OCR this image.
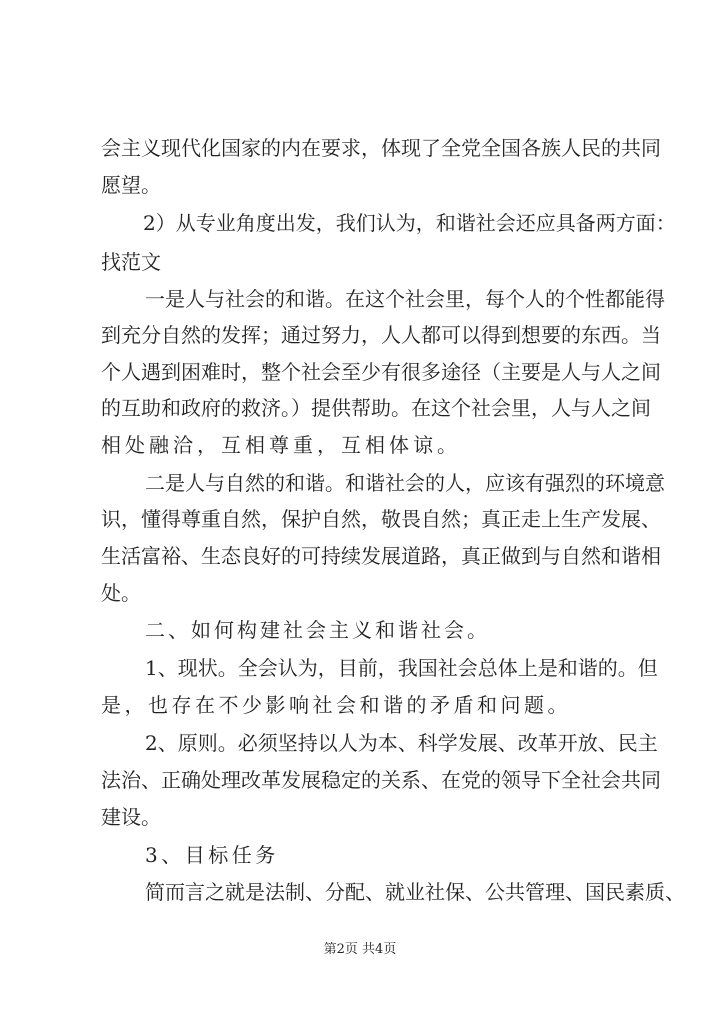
会主义现代化国家的内在要求，体现了全党全国各族人民的共同
愿望。
2）从专业角度出发，我们认为，和谐社会还应具备两方面：
找范文
一是人与社会的和谐。在这个社会里，每个人的个性都能得
到充分自然的发挥；通过努力，人人都可以得到想要的东西。当
个人遇到困难时，整个社会至少有很多途径（主要是人与人之间
的互助和政府的救济。）提供帮助。在这个社会里，人与人之间
相处融洽，互相尊重，互相体谅。
二是人与自然的和谐。和谐社会的人，应该有强烈的环境意
识，懂得尊重自然，保护自然，敬畏自然；真正走上生产发展、
生活富裕、生态良好的可持续发展道路，真正做到与自然和谐相
处。
二、如何构建社会主义和谐社会。
1、现状。全会认为，目前，我国社会总体上是和谐的。但
是，也存在不少影响社会和谐的矛盾和问题。
2、原则。必须坚持以人为本、科学发展、改革开放、民主
法治、正确处理改革发展稳定的关系、在党的领导下全社会共同
建设。
3、目标任务
简而言之就是法制、分配、就业社保、公共管理、国民素质、
第2页 共4页
